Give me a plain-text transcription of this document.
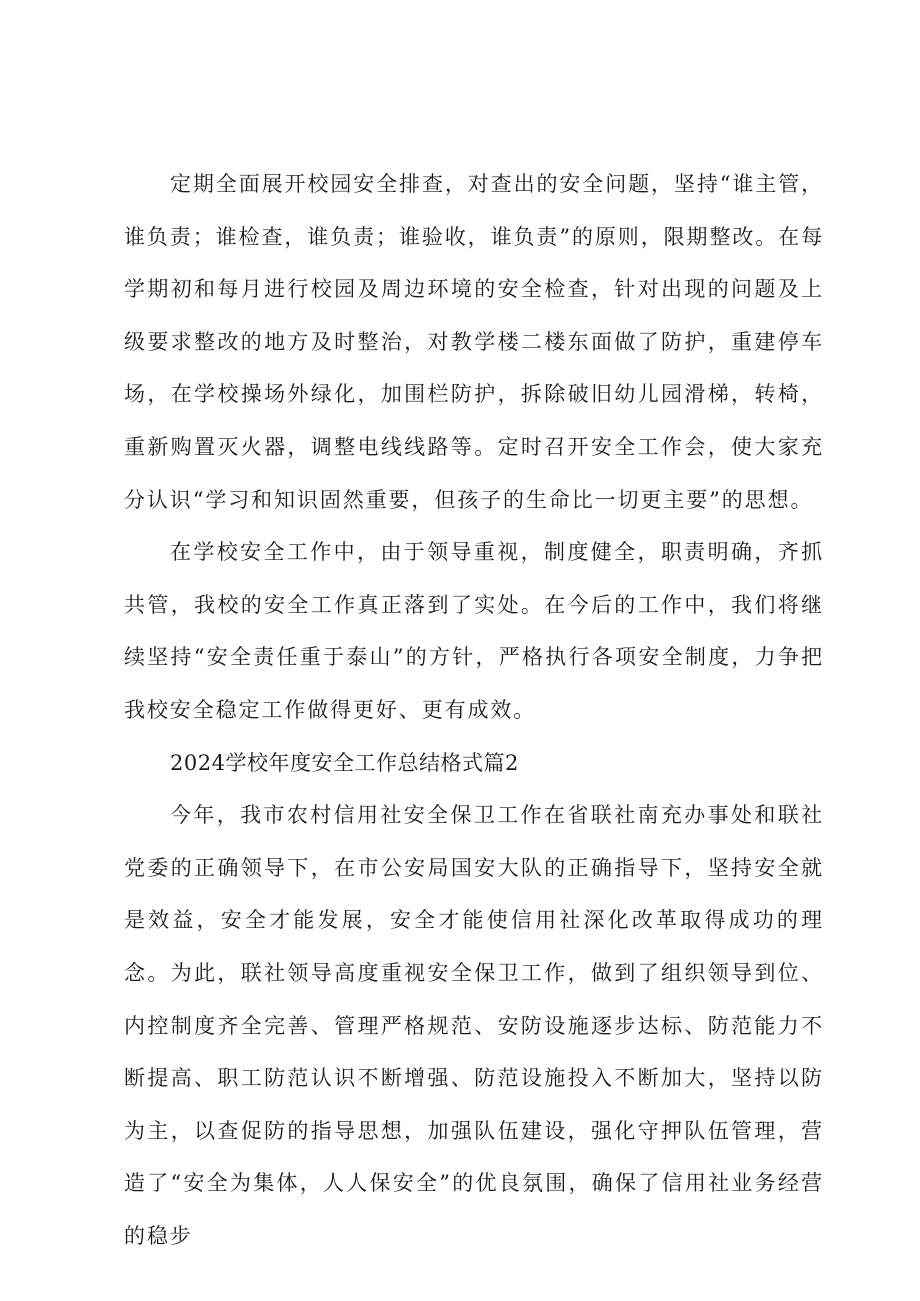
定期全面展开校园安全排查，对查出的安全问题，坚持“谁主管，谁负责；谁检查，谁负责；谁验收，谁负责”的原则，限期整改。在每学期初和每月进行校园及周边环境的安全检查，针对出现的问题及上级要求整改的地方及时整治，对教学楼二楼东面做了防护，重建停车场，在学校操场外绿化，加围栏防护，拆除破旧幼儿园滑梯，转椅，重新购置灭火器，调整电线线路等。定时召开安全工作会，使大家充分认识“学习和知识固然重要，但孩子的生命比一切更主要”的思想。

在学校安全工作中，由于领导重视，制度健全，职责明确，齐抓共管，我校的安全工作真正落到了实处。在今后的工作中，我们将继续坚持“安全责任重于泰山”的方针，严格执行各项安全制度，力争把我校安全稳定工作做得更好、更有成效。

2024学校年度安全工作总结格式篇2

今年，我市农村信用社安全保卫工作在省联社南充办事处和联社党委的正确领导下，在市公安局国安大队的正确指导下，坚持安全就是效益，安全才能发展，安全才能使信用社深化改革取得成功的理念。为此，联社领导高度重视安全保卫工作，做到了组织领导到位、内控制度齐全完善、管理严格规范、安防设施逐步达标、防范能力不断提高、职工防范认识不断增强、防范设施投入不断加大，坚持以防为主，以查促防的指导思想，加强队伍建设，强化守押队伍管理，营造了“安全为集体，人人保安全”的优良氛围，确保了信用社业务经营的稳步
